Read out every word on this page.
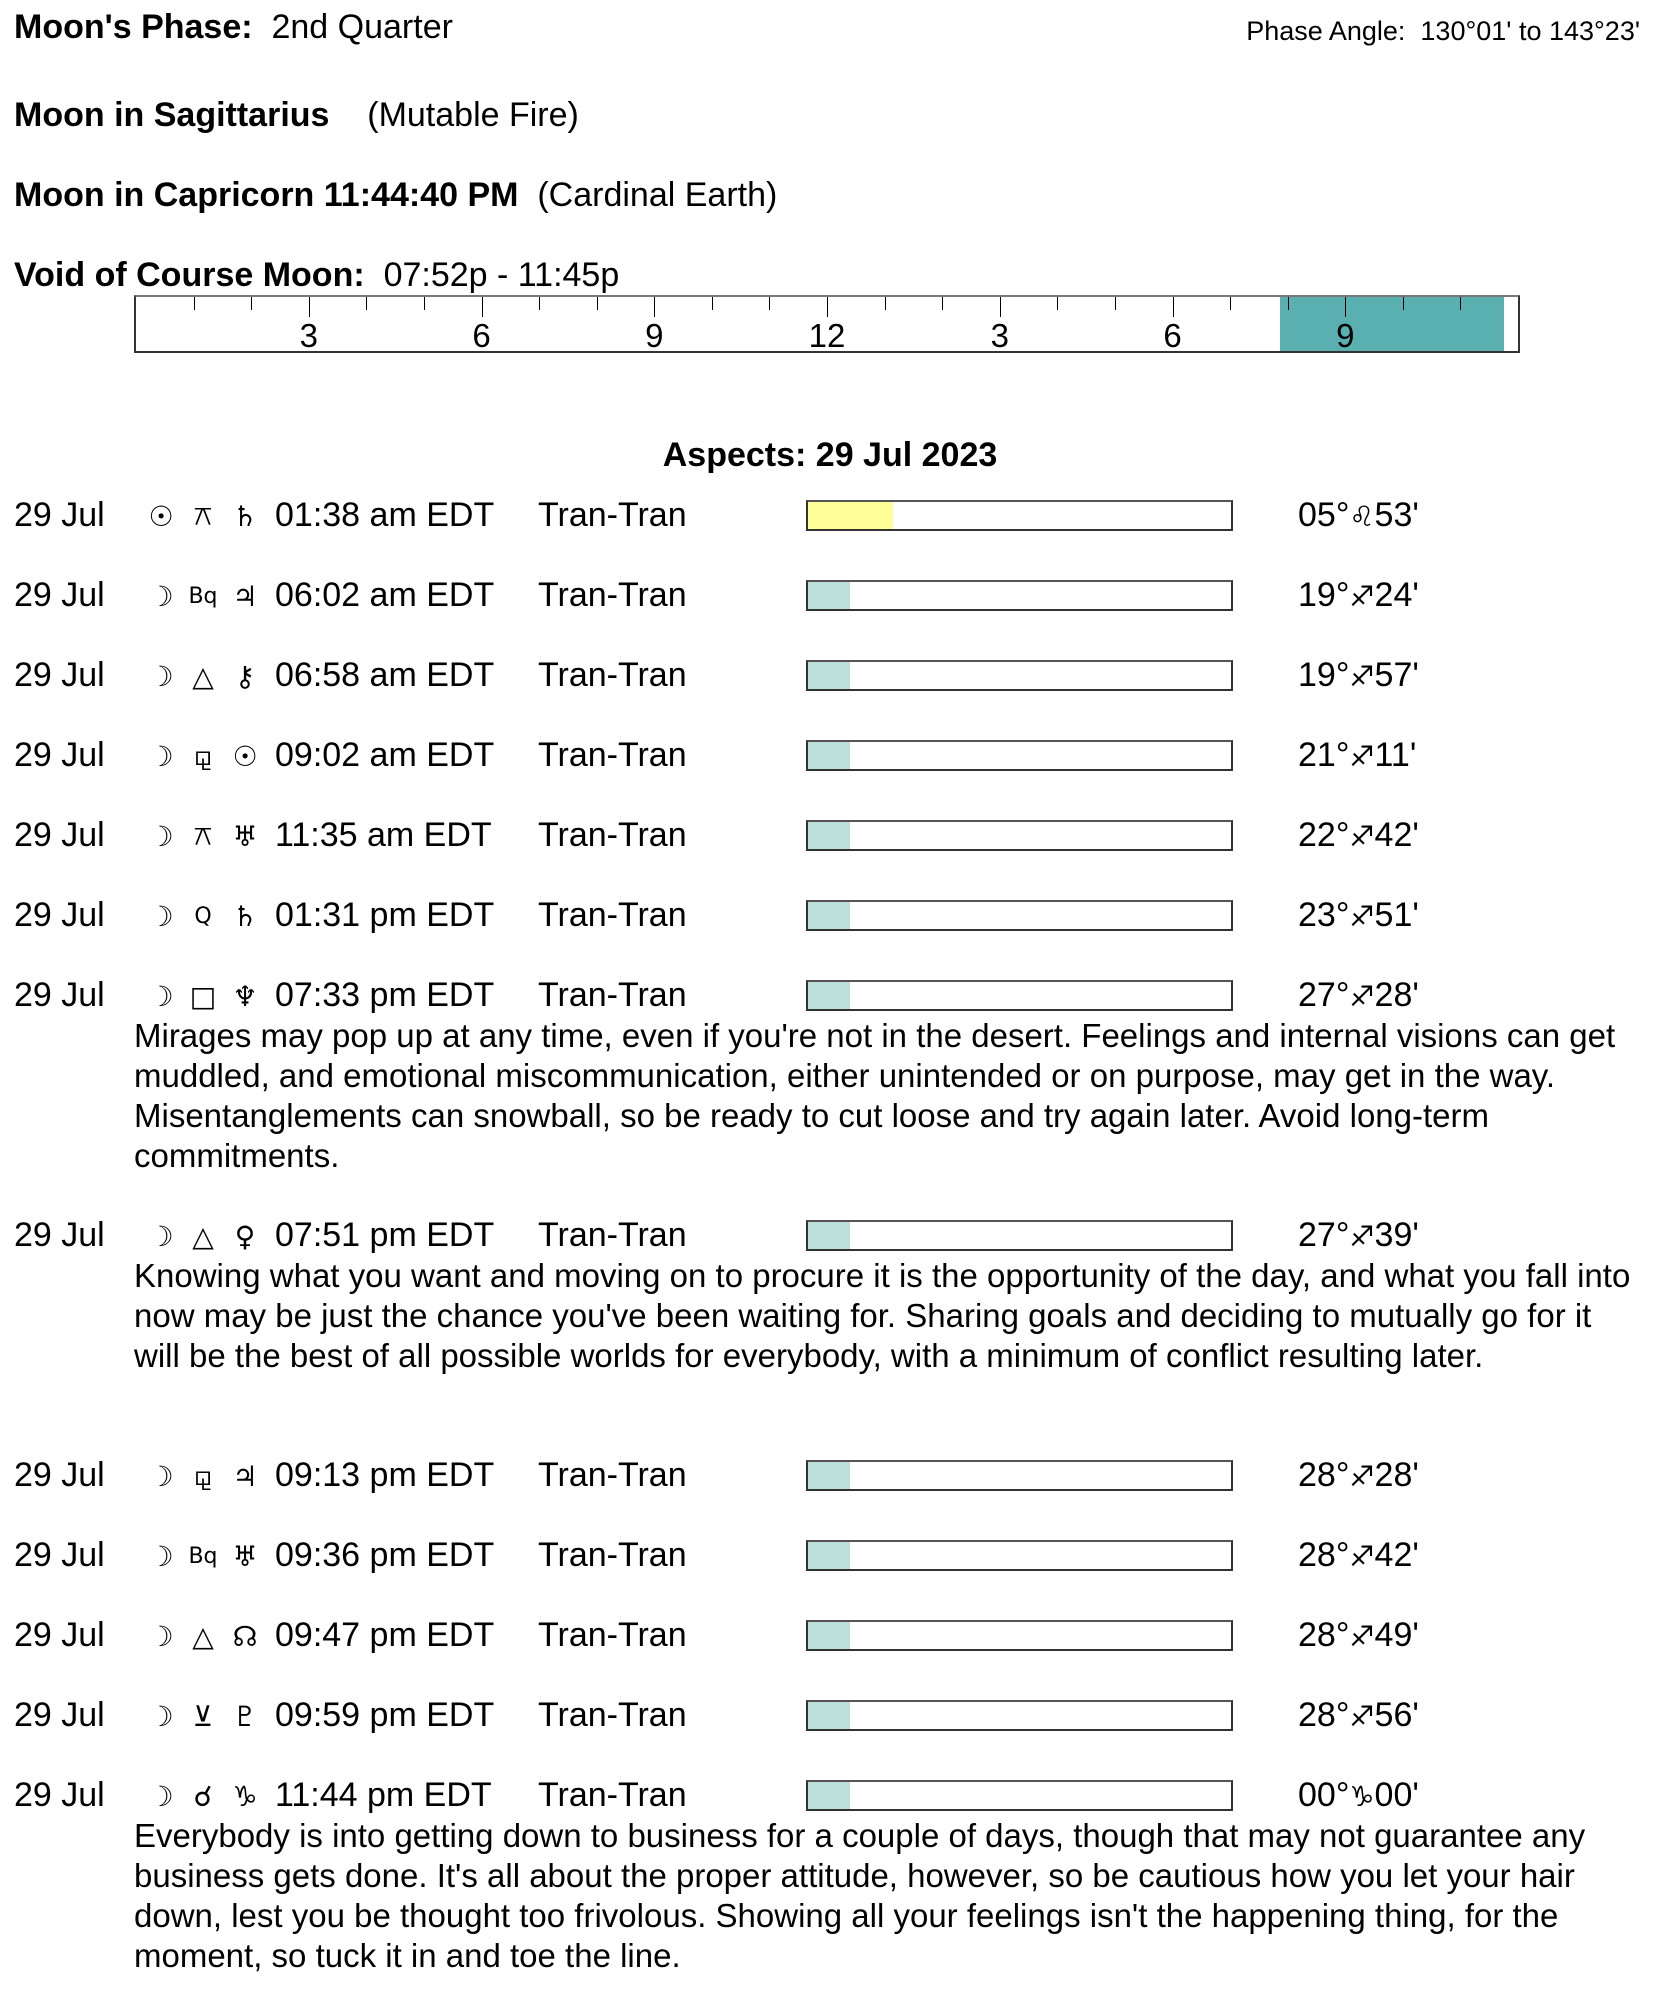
Moon's Phase: 2nd Quarter	Phase Angle: 130°01' to 143°23'
Moon in Sagittarius (Mutable Fire)
Moon in Capricorn 11:44:40 PM (Cardinal Earth)
Void of Course Moon: 07:52p - 11:45p
3	6	9	12	3	6	9
Aspects: 29 Jul 2023
29 Jul ☉ ⚻ ♄ 01:38 am EDT Tran-Tran	05°♌53'
29 Jul ☽ Bq ♃ 06:02 am EDT Tran-Tran	19°♐24'
29 Jul ☽ △ ⚷ 06:58 am EDT Tran-Tran	19°♐57'
29 Jul ☽ ⚼ ☉ 09:02 am EDT Tran-Tran	21°♐11'
29 Jul ☽ ⚻ ♅ 11:35 am EDT Tran-Tran	22°♐42'
29 Jul ☽ Q ♄ 01:31 pm EDT Tran-Tran	23°♐51'
29 Jul ☽ □ ♆ 07:33 pm EDT Tran-Tran	27°♐28'
Mirages may pop up at any time, even if you're not in the desert. Feelings and internal visions can get muddled, and emotional miscommunication, either unintended or on purpose, may get in the way. Misentanglements can snowball, so be ready to cut loose and try again later. Avoid long-term commitments.
29 Jul ☽ △ ♀ 07:51 pm EDT Tran-Tran	27°♐39'
Knowing what you want and moving on to procure it is the opportunity of the day, and what you fall into now may be just the chance you've been waiting for. Sharing goals and deciding to mutually go for it will be the best of all possible worlds for everybody, with a minimum of conflict resulting later.
29 Jul ☽ ⚼ ♃ 09:13 pm EDT Tran-Tran	28°♐28'
29 Jul ☽ Bq ♅ 09:36 pm EDT Tran-Tran	28°♐42'
29 Jul ☽ △ ☊ 09:47 pm EDT Tran-Tran	28°♐49'
29 Jul ☽ ⊻ ♇ 09:59 pm EDT Tran-Tran	28°♐56'
29 Jul ☽ ☌ ♑ 11:44 pm EDT Tran-Tran	00°♑00'
Everybody is into getting down to business for a couple of days, though that may not guarantee any business gets done. It's all about the proper attitude, however, so be cautious how you let your hair down, lest you be thought too frivolous. Showing all your feelings isn't the happening thing, for the moment, so tuck it in and toe the line.
